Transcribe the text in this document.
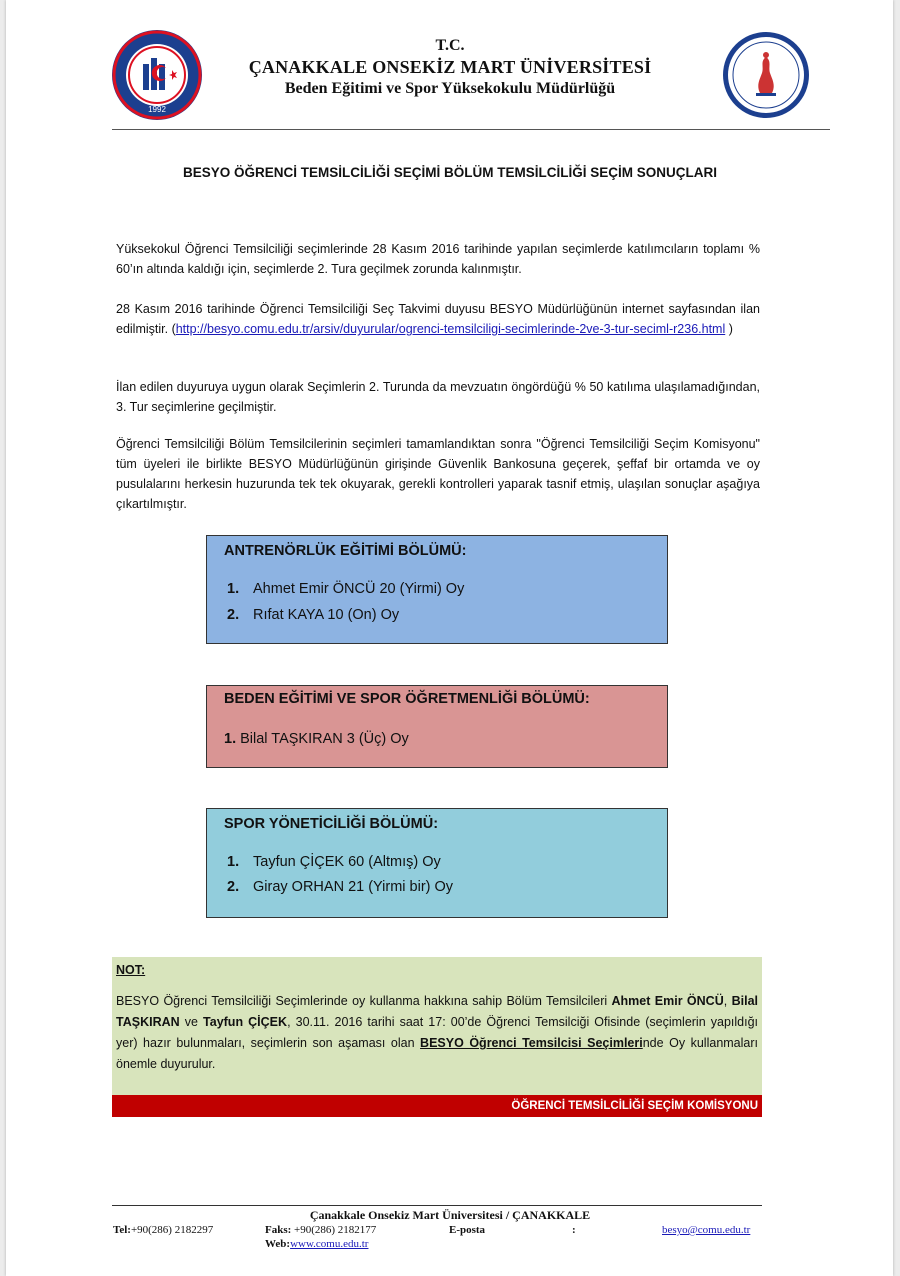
1992
T.C.
ÇANAKKALE ONSEKİZ MART ÜNİVERSİTESİ
Beden Eğitimi ve Spor Yüksekokulu Müdürlüğü
BESYO ÖĞRENCİ TEMSİLCİLİĞİ SEÇİMİ BÖLÜM TEMSİLCİLİĞİ SEÇİM SONUÇLARI
Yüksekokul Öğrenci Temsilciliği seçimlerinde 28 Kasım 2016 tarihinde yapılan seçimlerde katılımcıların toplamı % 60’ın altında kaldığı için, seçimlerde 2. Tura geçilmek zorunda kalınmıştır.
28 Kasım 2016 tarihinde Öğrenci Temsilciliği Seç Takvimi duyusu BESYO Müdürlüğünün internet sayfasından ilan edilmiştir. (http://besyo.comu.edu.tr/arsiv/duyurular/ogrenci-temsilciligi-secimlerinde-2ve-3-tur-seciml-r236.html )
İlan edilen duyuruya uygun olarak Seçimlerin 2. Turunda da mevzuatın öngördüğü % 50 katılıma ulaşılamadığından, 3. Tur seçimlerine geçilmiştir.
Öğrenci Temsilciliği Bölüm Temsilcilerinin seçimleri tamamlandıktan sonra "Öğrenci Temsilciliği Seçim Komisyonu" tüm üyeleri ile birlikte BESYO Müdürlüğünün girişinde Güvenlik Bankosuna geçerek, şeffaf bir ortamda ve oy pusulalarını herkesin huzurunda tek tek okuyarak, gerekli kontrolleri yaparak tasnif etmiş, ulaşılan sonuçlar aşağıya çıkartılmıştır.
ANTRENÖRLÜK EĞİTİMİ BÖLÜMÜ:
1. Ahmet Emir ÖNCÜ 20 (Yirmi) Oy
2. Rıfat KAYA 10 (On) Oy
BEDEN EĞİTİMİ VE SPOR ÖĞRETMENLİĞİ BÖLÜMÜ:
1. Bilal TAŞKIRAN 3 (Üç) Oy
SPOR YÖNETİCİLİĞİ BÖLÜMÜ:
1. Tayfun ÇİÇEK 60 (Altmış) Oy
2. Giray ORHAN 21 (Yirmi bir) Oy
NOT:
BESYO Öğrenci Temsilciliği Seçimlerinde oy kullanma hakkına sahip Bölüm Temsilcileri Ahmet Emir ÖNCÜ, Bilal TAŞKIRAN ve Tayfun ÇİÇEK, 30.11. 2016 tarihi saat 17: 00’de Öğrenci Temsilciği Ofisinde (seçimlerin yapıldığı yer) hazır bulunmaları, seçimlerin son aşaması olan BESYO Öğrenci Temsilcisi Seçimlerinde Oy kullanmaları önemle duyurulur.
ÖĞRENCİ TEMSİLCİLİĞİ SEÇİM KOMİSYONU
Çanakkale Onsekiz Mart Üniversitesi / ÇANAKKALE
Tel:+90(286) 2182297	Faks: +90(286) 2182177	E-posta	:	besyo@comu.edu.tr
Web:www.comu.edu.tr
